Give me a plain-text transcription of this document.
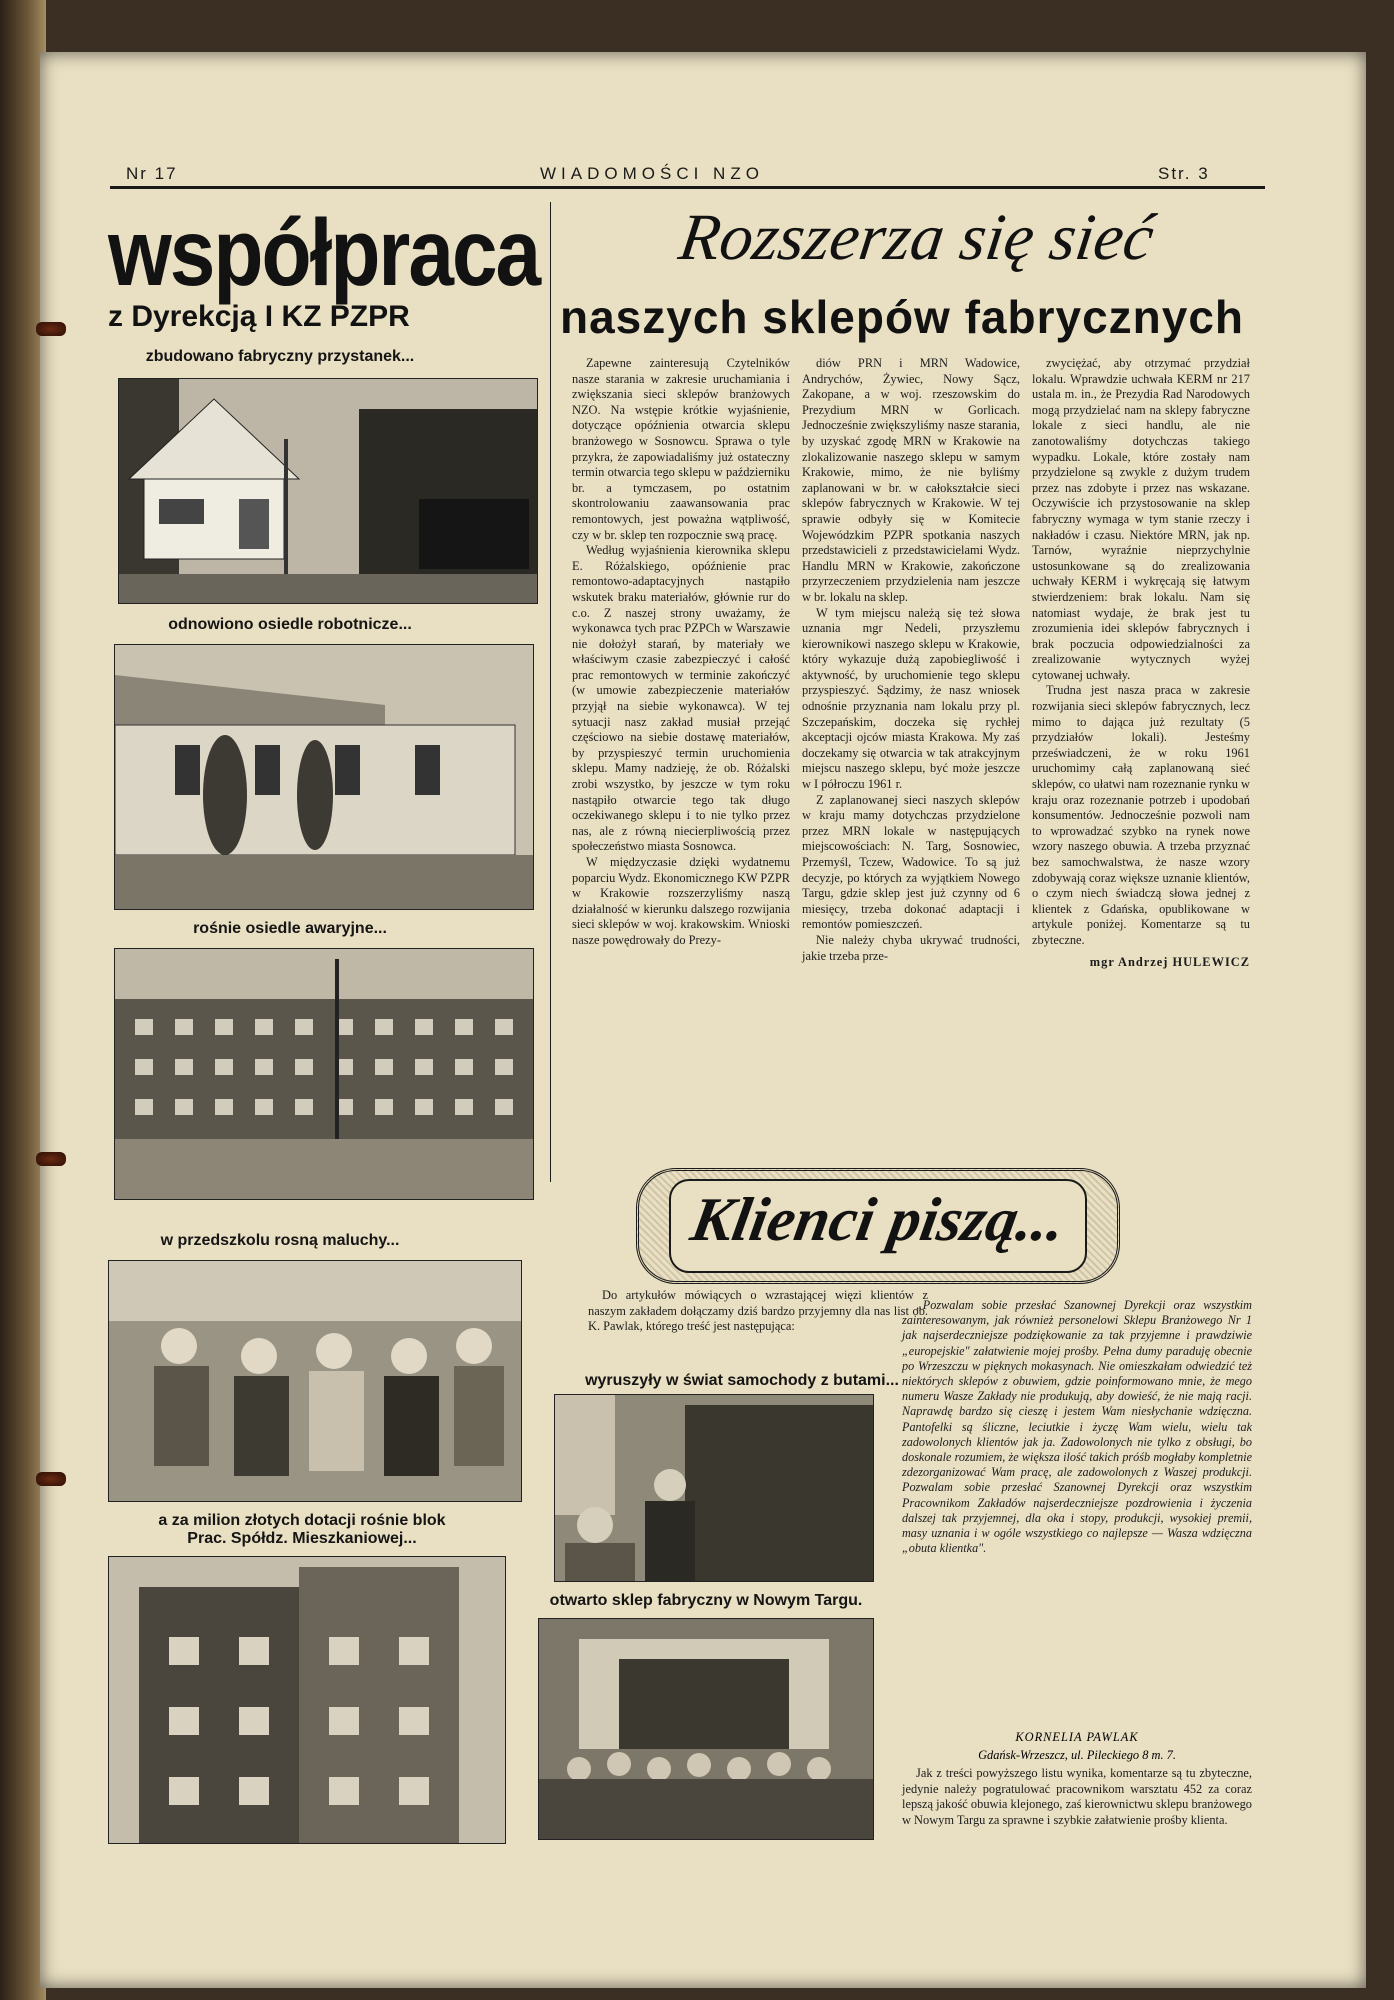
Nr 17	WIADOMOŚCI NZO	Str. 3
współpraca
z Dyrekcją I KZ PZPR
zbudowano fabryczny przystanek...
odnowiono osiedle robotnicze...
rośnie osiedle awaryjne...
w przedszkolu rosną maluchy...
a za milion złotych dotacji rośnie blok
Prac. Spółdz. Mieszkaniowej...
Rozszerza się sieć
naszych sklepów fabrycznych

Zapewne zainteresują Czytelników nasze starania w zakresie uruchamiania i zwiększania sieci sklepów branżowych NZO. Na wstępie krótkie wyjaśnienie, dotyczące opóźnienia otwarcia sklepu branżowego w Sosnowcu. Sprawa o tyle przykra, że zapowiadaliśmy już ostateczny termin otwarcia tego sklepu w październiku br. a tymczasem, po ostatnim skontrolowaniu zaawansowania prac remontowych, jest poważna wątpliwość, czy w br. sklep ten rozpocznie swą pracę.

Według wyjaśnienia kierownika sklepu E. Różalskiego, opóźnienie prac remontowo-adaptacyjnych nastąpiło wskutek braku materiałów, głównie rur do c.o. Z naszej strony uważamy, że wykonawca tych prac PZPCh w Warszawie nie dołożył starań, by materiały we właściwym czasie zabezpieczyć i całość prac remontowych w terminie zakończyć (w umowie zabezpieczenie materiałów przyjął na siebie wykonawca). W tej sytuacji nasz zakład musiał przejąć częściowo na siebie dostawę materiałów, by przyspieszyć termin uruchomienia sklepu. Mamy nadzieję, że ob. Różalski zrobi wszystko, by jeszcze w tym roku nastąpiło otwarcie tego tak długo oczekiwanego sklepu i to nie tylko przez nas, ale z równą niecierpliwością przez społeczeństwo miasta Sosnowca.

W międzyczasie dzięki wydatnemu poparciu Wydz. Ekonomicznego KW PZPR w Krakowie rozszerzyliśmy naszą działalność w kierunku dalszego rozwijania sieci sklepów w woj. krakowskim. Wnioski nasze powędrowały do Prezy-

diów PRN i MRN Wadowice, Andrychów, Żywiec, Nowy Sącz, Zakopane, a w woj. rzeszowskim do Prezydium MRN w Gorlicach. Jednocześnie zwiększyliśmy nasze starania, by uzyskać zgodę MRN w Krakowie na zlokalizowanie naszego sklepu w samym Krakowie, mimo, że nie byliśmy zaplanowani w br. w całokształcie sieci sklepów fabrycznych w Krakowie. W tej sprawie odbyły się w Komitecie Wojewódzkim PZPR spotkania naszych przedstawicieli z przedstawicielami Wydz. Handlu MRN w Krakowie, zakończone przyrzeczeniem przydzielenia nam jeszcze w br. lokalu na sklep.

W tym miejscu należą się też słowa uznania mgr Nedeli, przyszłemu kierownikowi naszego sklepu w Krakowie, który wykazuje dużą zapobiegliwość i aktywność, by uruchomienie tego sklepu przyspieszyć. Sądzimy, że nasz wniosek odnośnie przyznania nam lokalu przy pl. Szczepańskim, doczeka się rychłej akceptacji ojców miasta Krakowa. My zaś doczekamy się otwarcia w tak atrakcyjnym miejscu naszego sklepu, być może jeszcze w I półroczu 1961 r.

Z zaplanowanej sieci naszych sklepów w kraju mamy dotychczas przydzielone przez MRN lokale w następujących miejscowościach: N. Targ, Sosnowiec, Przemyśl, Tczew, Wadowice. To są już decyzje, po których za wyjątkiem Nowego Targu, gdzie sklep jest już czynny od 6 miesięcy, trzeba dokonać adaptacji i remontów pomieszczeń.

Nie należy chyba ukrywać trudności, jakie trzeba prze-

zwyciężać, aby otrzymać przydział lokalu. Wprawdzie uchwała KERM nr 217 ustala m. in., że Prezydia Rad Narodowych mogą przydzielać nam na sklepy fabryczne lokale z sieci handlu, ale nie zanotowaliśmy dotychczas takiego wypadku. Lokale, które zostały nam przydzielone są zwykle z dużym trudem przez nas zdobyte i przez nas wskazane. Oczywiście ich przystosowanie na sklep fabryczny wymaga w tym stanie rzeczy i nakładów i czasu. Niektóre MRN, jak np. Tarnów, wyraźnie nieprzychylnie ustosunkowane są do zrealizowania uchwały KERM i wykręcają się łatwym stwierdzeniem: brak lokalu. Nam się natomiast wydaje, że brak jest tu zrozumienia idei sklepów fabrycznych i brak poczucia odpowiedzialności za zrealizowanie wytycznych wyżej cytowanej uchwały.

Trudna jest nasza praca w zakresie rozwijania sieci sklepów fabrycznych, lecz mimo to dająca już rezultaty (5 przydziałów lokali). Jesteśmy przeświadczeni, że w roku 1961 uruchomimy całą zaplanowaną sieć sklepów, co ułatwi nam rozeznanie rynku w kraju oraz rozeznanie potrzeb i upodobań konsumentów. Jednocześnie pozwoli nam to wprowadzać szybko na rynek nowe wzory naszego obuwia. A trzeba przyznać bez samochwalstwa, że nasze wzory zdobywają coraz większe uznanie klientów, o czym niech świadczą słowa jednej z klientek z Gdańska, opublikowane w artykule poniżej. Komentarze są tu zbyteczne.

mgr Andrzej HULEWICZ
Klienci piszą...

Do artykułów mówiących o wzrastającej więzi klientów z naszym zakładem dołączamy dziś bardzo przyjemny dla nas list ob. K. Pawlak, którego treść jest następująca:

wyruszyły w świat samochody z butami...
otwarto sklep fabryczny w Nowym Targu.

„Pozwalam sobie przesłać Szanownej Dyrekcji oraz wszystkim zainteresowanym, jak również personelowi Sklepu Branżowego Nr 1 jak najserdeczniejsze podziękowanie za tak przyjemne i prawdziwie „europejskie" załatwienie mojej prośby. Pełna dumy paraduję obecnie po Wrzeszczu w pięknych mokasynach. Nie omieszkałam odwiedzić też niektórych sklepów z obuwiem, gdzie poinformowano mnie, że mego numeru Wasze Zakłady nie produkują, aby dowieść, że nie mają racji. Naprawdę bardzo się cieszę i jestem Wam niesłychanie wdzięczna. Pantofelki są śliczne, leciutkie i życzę Wam wielu, wielu tak zadowolonych klientów jak ja. Zadowolonych nie tylko z obsługi, bo doskonale rozumiem, że większa ilość takich próśb mogłaby kompletnie zdezorganizować Wam pracę, ale zadowolonych z Waszej produkcji. Pozwalam sobie przesłać Szanownej Dyrekcji oraz wszystkim Pracownikom Zakładów najserdeczniejsze pozdrowienia i życzenia dalszej tak przyjemnej, dla oka i stopy, produkcji, wysokiej premii, masy uznania i w ogóle wszystkiego co najlepsze — Wasza wdzięczna „obuta klientka".

KORNELIA PAWLAK
Gdańsk-Wrzeszcz, ul. Pileckiego 8 m. 7.

Jak z treści powyższego listu wynika, komentarze są tu zbyteczne, jedynie należy pogratulować pracownikom warsztatu 452 za coraz lepszą jakość obuwia klejonego, zaś kierownictwu sklepu branżowego w Nowym Targu za sprawne i szybkie załatwienie prośby klienta.
